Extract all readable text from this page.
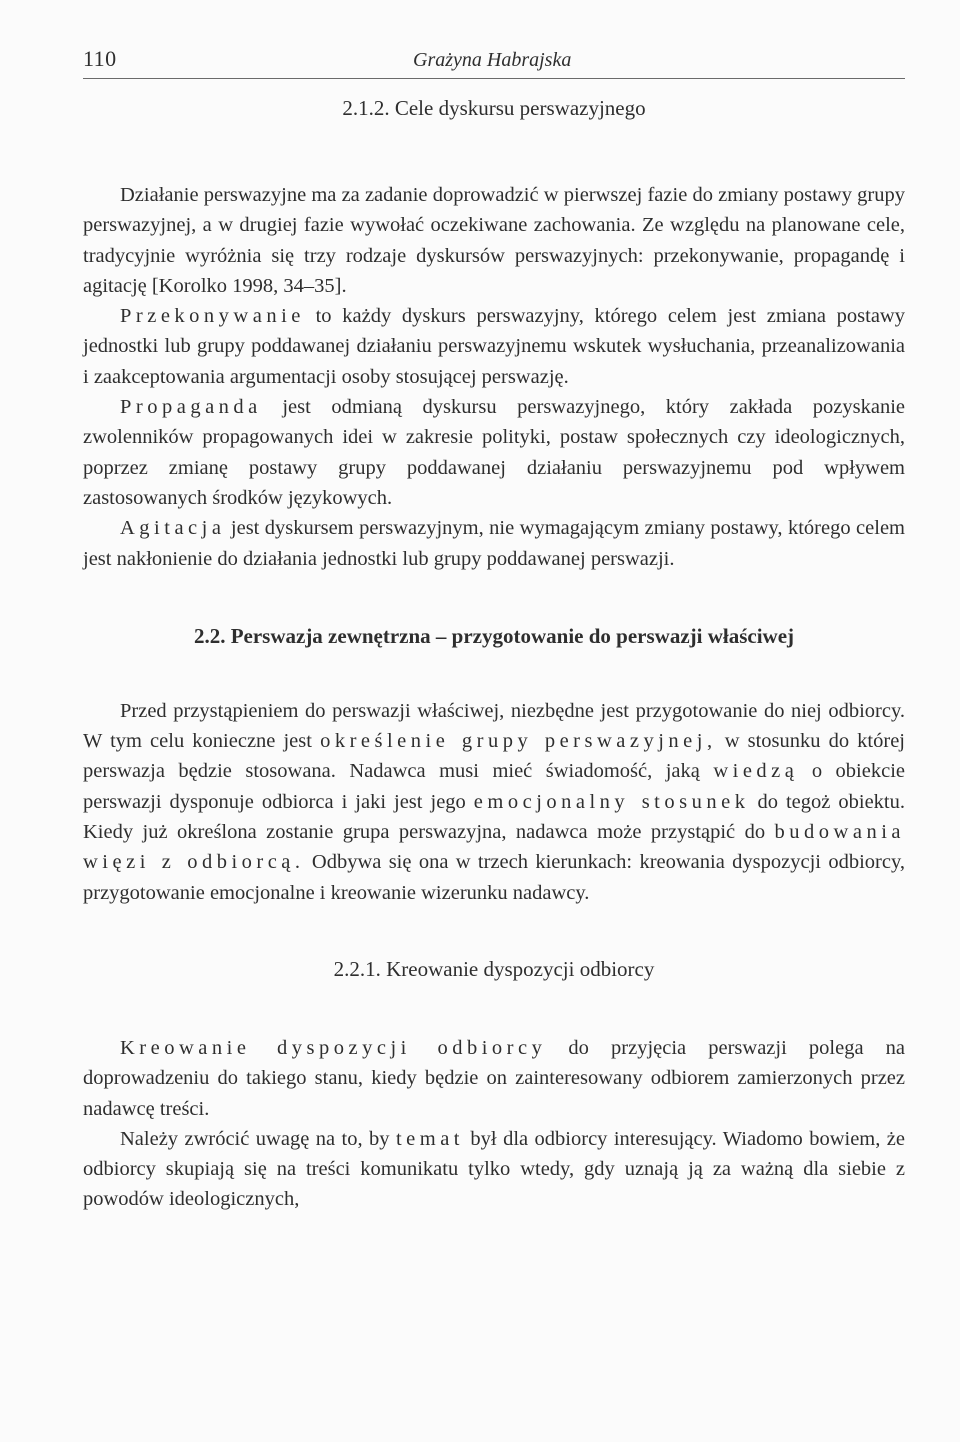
110	Grażyna Habrajska
2.1.2. Cele dyskursu perswazyjnego

Działanie perswazyjne ma za zadanie doprowadzić w pierwszej fazie do zmiany postawy grupy perswazyjnej, a w drugiej fazie wywołać oczekiwane zachowania. Ze względu na planowane cele, tradycyjnie wyróżnia się trzy rodzaje dyskursów perswazyjnych: przekonywanie, propagandę i agitację [Korolko 1998, 34–35].

Przekonywanie to każdy dyskurs perswazyjny, którego celem jest zmiana postawy jednostki lub grupy poddawanej działaniu perswazyjnemu wskutek wysłuchania, przeanalizowania i zaakceptowania argumentacji osoby stosującej perswazję.

Propaganda jest odmianą dyskursu perswazyjnego, który zakłada pozyskanie zwolenników propagowanych idei w zakresie polityki, postaw społecznych czy ideologicznych, poprzez zmianę postawy grupy poddawanej działaniu perswazyjnemu pod wpływem zastosowanych środków językowych.

Agitacja jest dyskursem perswazyjnym, nie wymagającym zmiany postawy, którego celem jest nakłonienie do działania jednostki lub grupy poddawanej perswazji.

2.2. Perswazja zewnętrzna – przygotowanie do perswazji właściwej

Przed przystąpieniem do perswazji właściwej, niezbędne jest przygotowanie do niej odbiorcy. W tym celu konieczne jest określenie grupy perswazyjnej, w stosunku do której perswazja będzie stosowana. Nadawca musi mieć świadomość, jaką wiedzą o obiekcie perswazji dysponuje odbiorca i jaki jest jego emocjonalny stosunek do tegoż obiektu. Kiedy już określona zostanie grupa perswazyjna, nadawca może przystąpić do budowania więzi z odbiorcą. Odbywa się ona w trzech kierunkach: kreowania dyspozycji odbiorcy, przygotowanie emocjonalne i kreowanie wizerunku nadawcy.

2.2.1. Kreowanie dyspozycji odbiorcy

Kreowanie dyspozycji odbiorcy do przyjęcia perswazji polega na doprowadzeniu do takiego stanu, kiedy będzie on zainteresowany odbiorem zamierzonych przez nadawcę treści.

Należy zwrócić uwagę na to, by temat był dla odbiorcy interesujący. Wiadomo bowiem, że odbiorcy skupiają się na treści komunikatu tylko wtedy, gdy uznają ją za ważną dla siebie z powodów ideologicznych,
